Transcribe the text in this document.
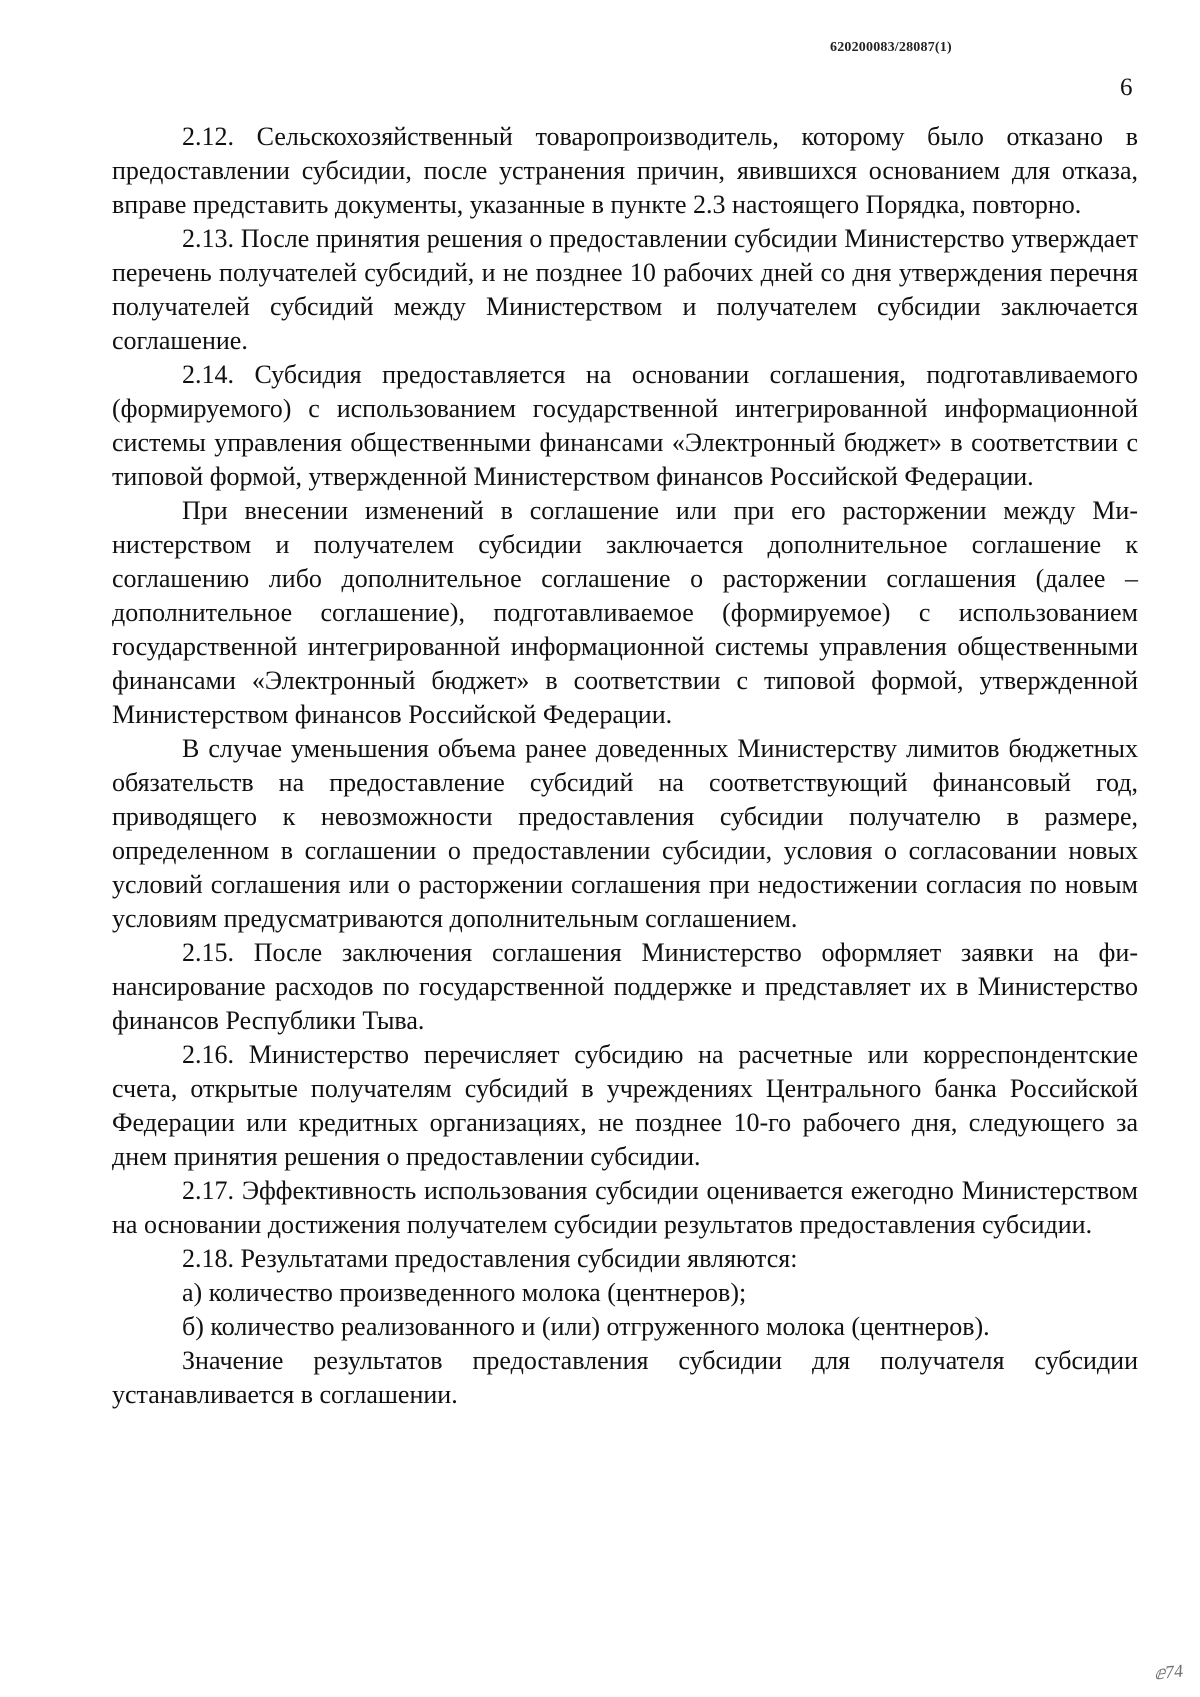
620200083/28087(1)
6

2.12. Сельскохозяйственный товаропроизводитель, которому было отказано в предоставлении субсидии, после устранения причин, явившихся основанием для отказа, вправе представить документы, указанные в пункте 2.3 настоящего Порядка, повторно.

2.13. После принятия решения о предоставлении субсидии Министерство утверждает перечень получателей субсидий, и не позднее 10 рабочих дней со дня утверждения перечня получателей субсидий между Министерством и получателем субсидии заключается соглашение.

2.14. Субсидия предоставляется на основании соглашения, подготавливаемого (формируемого) с использованием государственной интегрированной информационной системы управления общественными финансами «Электронный бюджет» в соответствии с типовой формой, утвержденной Министерством финансов Российской Федерации.

При внесении изменений в соглашение или при его расторжении между Министерством и получателем субсидии заключается дополнительное соглашение к соглашению либо дополнительное соглашение о расторжении соглашения (далее – дополнительное соглашение), подготавливаемое (формируемое) с использованием государственной интегрированной информационной системы управления общественными финансами «Электронный бюджет» в соответствии с типовой формой, утвержденной Министерством финансов Российской Федерации.

В случае уменьшения объема ранее доведенных Министерству лимитов бюджетных обязательств на предоставление субсидий на соответствующий финансовый год, приводящего к невозможности предоставления субсидии получателю в размере, определенном в соглашении о предоставлении субсидии, условия о согласовании новых условий соглашения или о расторжении соглашения при недостижении согласия по новым условиям предусматриваются дополнительным соглашением.

2.15. После заключения соглашения Министерство оформляет заявки на финансирование расходов по государственной поддержке и представляет их в Министерство финансов Республики Тыва.

2.16. Министерство перечисляет субсидию на расчетные или корреспондентские счета, открытые получателям субсидий в учреждениях Центрального банка Российской Федерации или кредитных организациях, не позднее 10-го рабочего дня, следующего за днем принятия решения о предоставлении субсидии.

2.17. Эффективность использования субсидии оценивается ежегодно Министерством на основании достижения получателем субсидии результатов предоставления субсидии.

2.18. Результатами предоставления субсидии являются:

а) количество произведенного молока (центнеров);

б) количество реализованного и (или) отгруженного молока (центнеров).

Значение результатов предоставления субсидии для получателя субсидии устанавливается в соглашении.

ⅇ74
